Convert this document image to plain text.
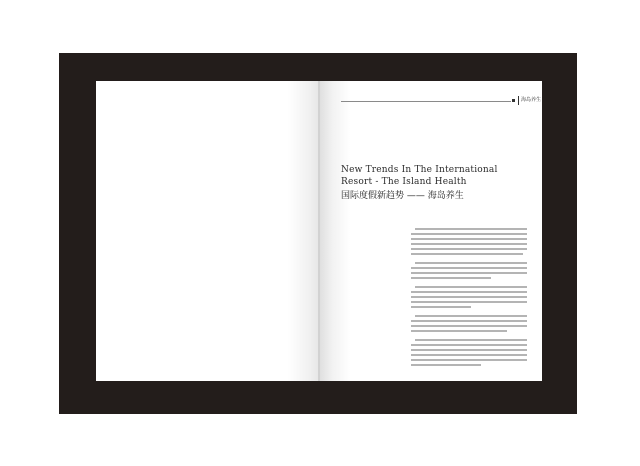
海岛养生
New Trends In The International
Resort - The Island Health
国际度假新趋势 —— 海岛养生
